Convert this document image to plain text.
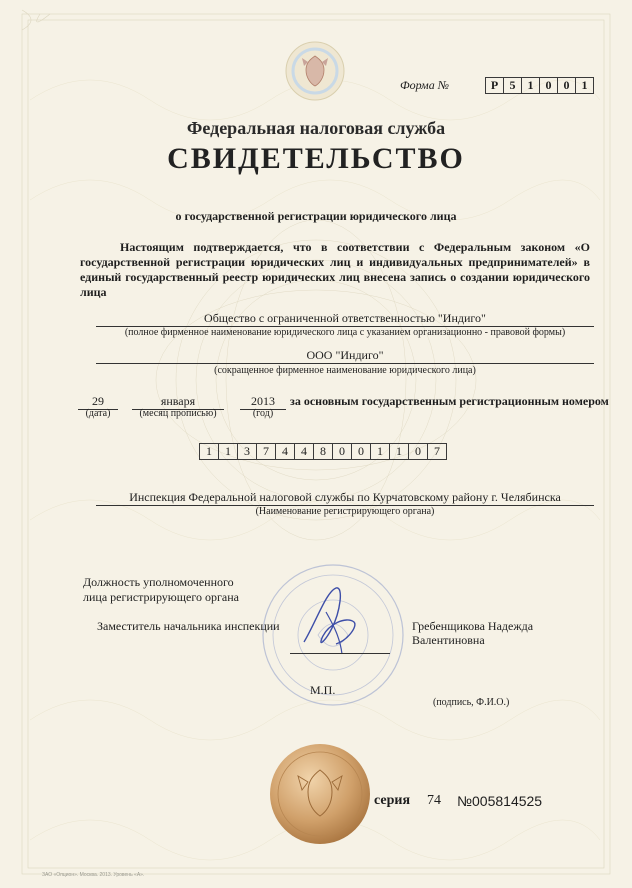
Форма №	Р 5	1	0	0	1
Федеральная налоговая служба
СВИДЕТЕЛЬСТВО
о государственной регистрации юридического лица
Настоящим подтверждается, что в соответствии с Федеральным законом «О государственной регистрации юридических лиц и индивидуальных предпринимателей» в единый государственный реестр юридических лиц внесена запись о создании юридического лица
Общество с ограниченной ответственностью "Индиго"
(полное фирменное наименование юридического лица с указанием организационно - правовой формы)
ООО "Индиго"
(сокращенное фирменное наименование юридического лица)
29
(дата)
января
(месяц прописью)
2013
(год)
за основным государственным регистрационным номером
1	1	3	7	4	4	8	0	0	1	1	0	7
Инспекция Федеральной налоговой службы по Курчатовскому району г. Челябинска
(Наименование регистрирующего органа)
Должность уполномоченного
лица регистрирующего органа
Заместитель начальника инспекции	Гребенщикова Надежда
Валентиновна
М.П.
(подпись, Ф.И.О.)
серия 74 №005814525
ЗАО «Опцион». Москва. 2013. Уровень «А».
